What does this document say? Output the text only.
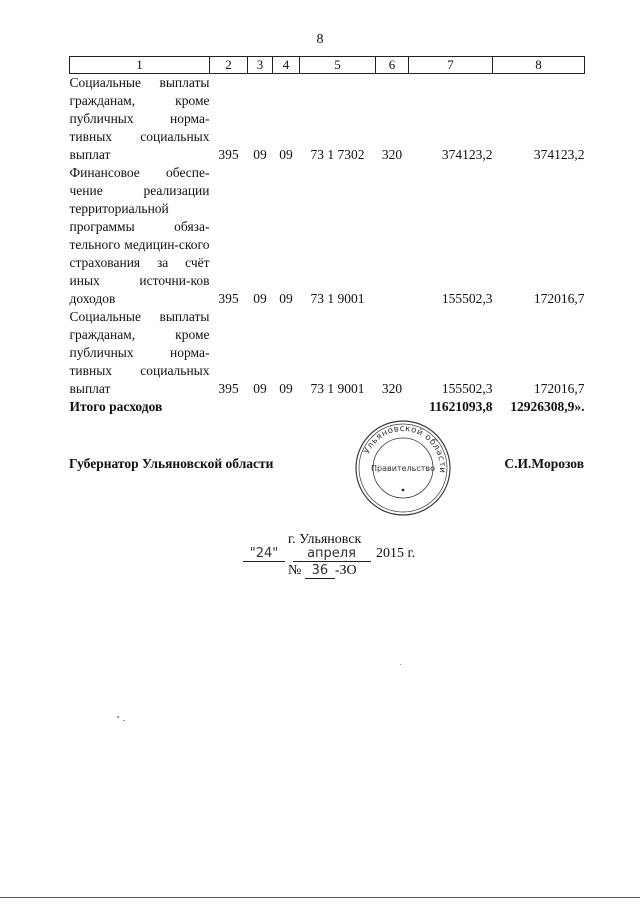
8
1	2	3	4	5	6	7	8
Социальные выплаты гражданам, кроме публичных норма-тивных социальных выплат	395	09	09	73 1 7302	320	374123,2	374123,2
Финансовое обеспе-чение реализации территориальной программы обяза-тельного медицин-ского страхования за счёт иных источни-ков доходов	395	09	09	73 1 9001		155502,3	172016,7
Социальные выплаты гражданам, кроме публичных норма-тивных социальных выплат	395	09	09	73 1 9001	320	155502,3	172016,7
Итого расходов						11621093,8	12926308,9».
Губернатор Ульяновской области	С.И.Морозов
Ульяновской области
Правительство
г. Ульяновск
"24" апреля 2015 г.
№ 36 -ЗО
